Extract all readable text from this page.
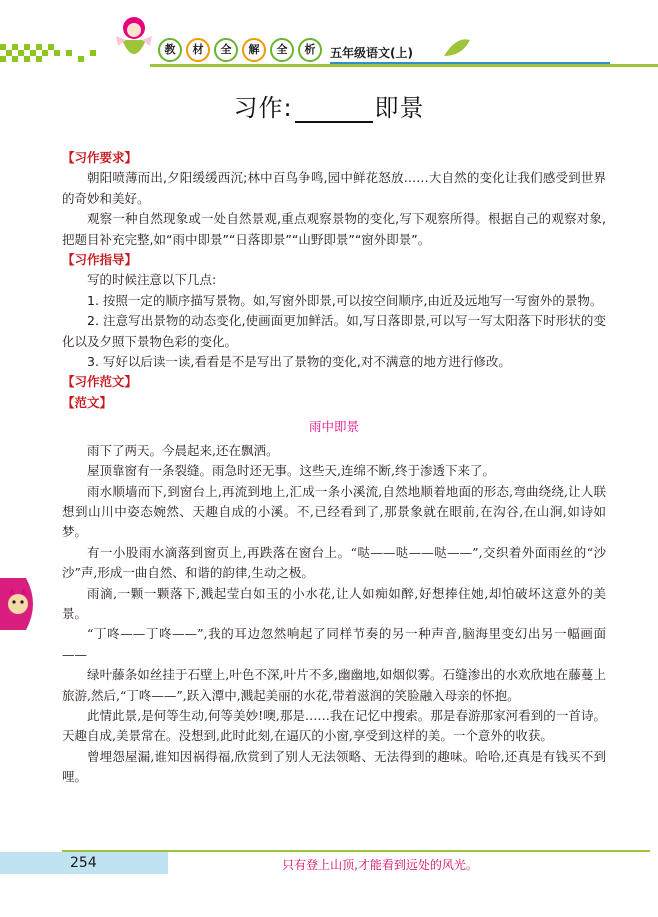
教	材	全	解	全	析	五年级语文(上)
习作:	即景
【习作要求】

朝阳喷薄而出,夕阳缓缓西沉;林中百鸟争鸣,园中鲜花怒放……大自然的变化让我们感受到世界的奇妙和美好。

观察一种自然现象或一处自然景观,重点观察景物的变化,写下观察所得。根据自己的观察对象,把题目补充完整,如“雨中即景”“日落即景”“山野即景”“窗外即景”。

【习作指导】

写的时候注意以下几点:

1. 按照一定的顺序描写景物。如,写窗外即景,可以按空间顺序,由近及远地写一写窗外的景物。

2. 注意写出景物的动态变化,使画面更加鲜活。如,写日落即景,可以写一写太阳落下时形状的变化以及夕照下景物色彩的变化。

3. 写好以后读一读,看看是不是写出了景物的变化,对不满意的地方进行修改。

【习作范文】
【范文】
雨中即景

雨下了两天。今晨起来,还在飘洒。

屋顶靠窗有一条裂缝。雨急时还无事。这些天,连绵不断,终于渗透下来了。

雨水顺墙而下,到窗台上,再流到地上,汇成一条小溪流,自然地顺着地面的形态,弯曲绕绕,让人联想到山川中姿态婉然、天趣自成的小溪。不,已经看到了,那景象就在眼前,在沟谷,在山涧,如诗如梦。

有一小股雨水滴落到窗页上,再跌落在窗台上。“哒——哒——哒——”,交织着外面雨丝的“沙沙”声,形成一曲自然、和谐的韵律,生动之极。

雨滴,一颗一颗落下,溅起莹白如玉的小水花,让人如痴如醉,好想捧住她,却怕破坏这意外的美景。

“丁咚——丁咚——”,我的耳边忽然响起了同样节奏的另一种声音,脑海里变幻出另一幅画面——

绿叶藤条如丝挂于石壁上,叶色不深,叶片不多,幽幽地,如烟似雾。石缝渗出的水欢欣地在藤蔓上旅游,然后,“丁咚——”,跃入潭中,溅起美丽的水花,带着滋润的笑脸融入母亲的怀抱。

此情此景,是何等生动,何等美妙!噢,那是……我在记忆中搜索。那是春游那家河看到的一首诗。天趣自成,美景常在。没想到,此时此刻,在逼仄的小窗,享受到这样的美。一个意外的收获。

曾埋怨屋漏,谁知因祸得福,欣赏到了别人无法领略、无法得到的趣味。哈哈,还真是有钱买不到哩。

254	只有登上山顶,才能看到远处的风光。
